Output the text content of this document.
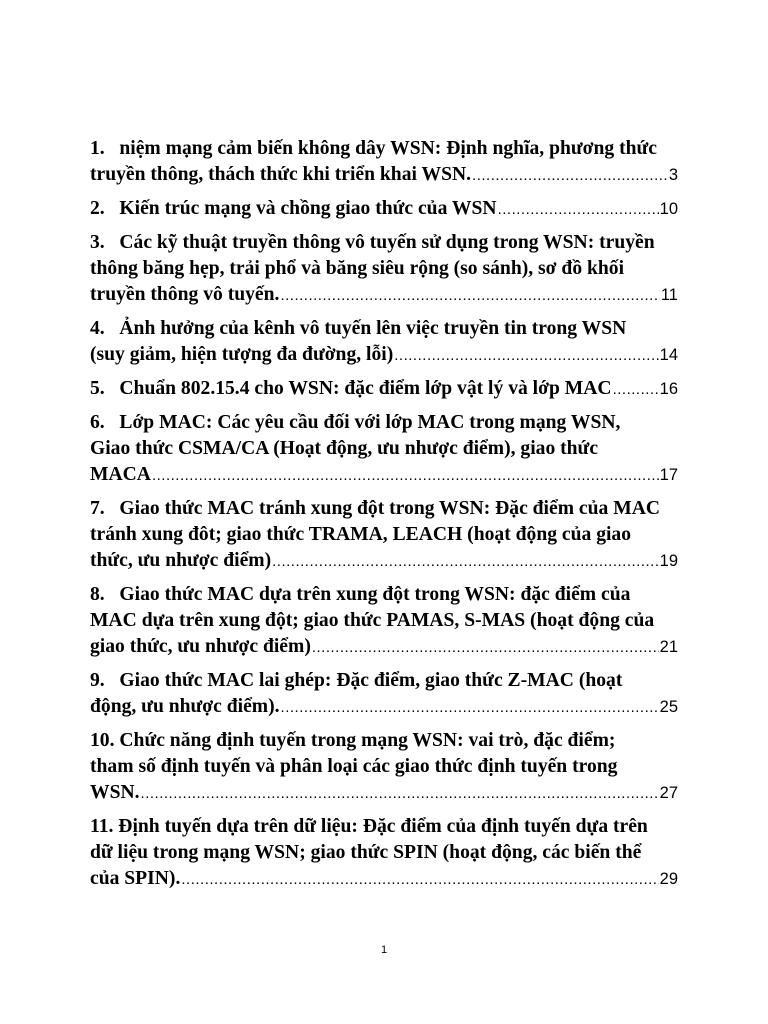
1.   niệm mạng cảm biến không dây WSN: Định nghĩa, phương thức
truyền thông, thách thức khi triển khai WSN. .....	3
2.   Kiến trúc mạng và chồng giao thức của WSN .....	10
3.   Các kỹ thuật truyền thông vô tuyến sử dụng trong WSN: truyền
thông băng hẹp, trải phổ và băng siêu rộng (so sánh), sơ đồ khối
truyền thông vô tuyến. .....	11
4.   Ảnh hưởng của kênh vô tuyến lên việc truyền tin trong WSN
(suy giảm, hiện tượng đa đường, lỗi) .....	14
5.   Chuẩn 802.15.4 cho WSN: đặc điểm lớp vật lý và lớp MAC .....	16
6.   Lớp MAC: Các yêu cầu đối với lớp MAC trong mạng WSN,
Giao thức CSMA/CA (Hoạt động, ưu nhược điểm), giao thức
MACA .....	17
7.   Giao thức MAC tránh xung đột trong WSN: Đặc điểm của MAC
tránh xung đôt; giao thức TRAMA, LEACH (hoạt động của giao
thức, ưu nhược điểm) .....	19
8.   Giao thức MAC dựa trên xung đột trong WSN: đặc điểm của
MAC dựa trên xung đột; giao thức PAMAS, S-MAS (hoạt động của
giao thức, ưu nhược điểm) .....	21
9.   Giao thức MAC lai ghép: Đặc điểm, giao thức Z-MAC (hoạt
động, ưu nhược điểm). .....	25
10. Chức năng định tuyến trong mạng WSN: vai trò, đặc điểm;
tham số định tuyến và phân loại các giao thức định tuyến trong
WSN. .....	27
11. Định tuyến dựa trên dữ liệu: Đặc điểm của định tuyến dựa trên
dữ liệu trong mạng WSN; giao thức SPIN (hoạt động, các biến thể
của SPIN). .....	29
1
